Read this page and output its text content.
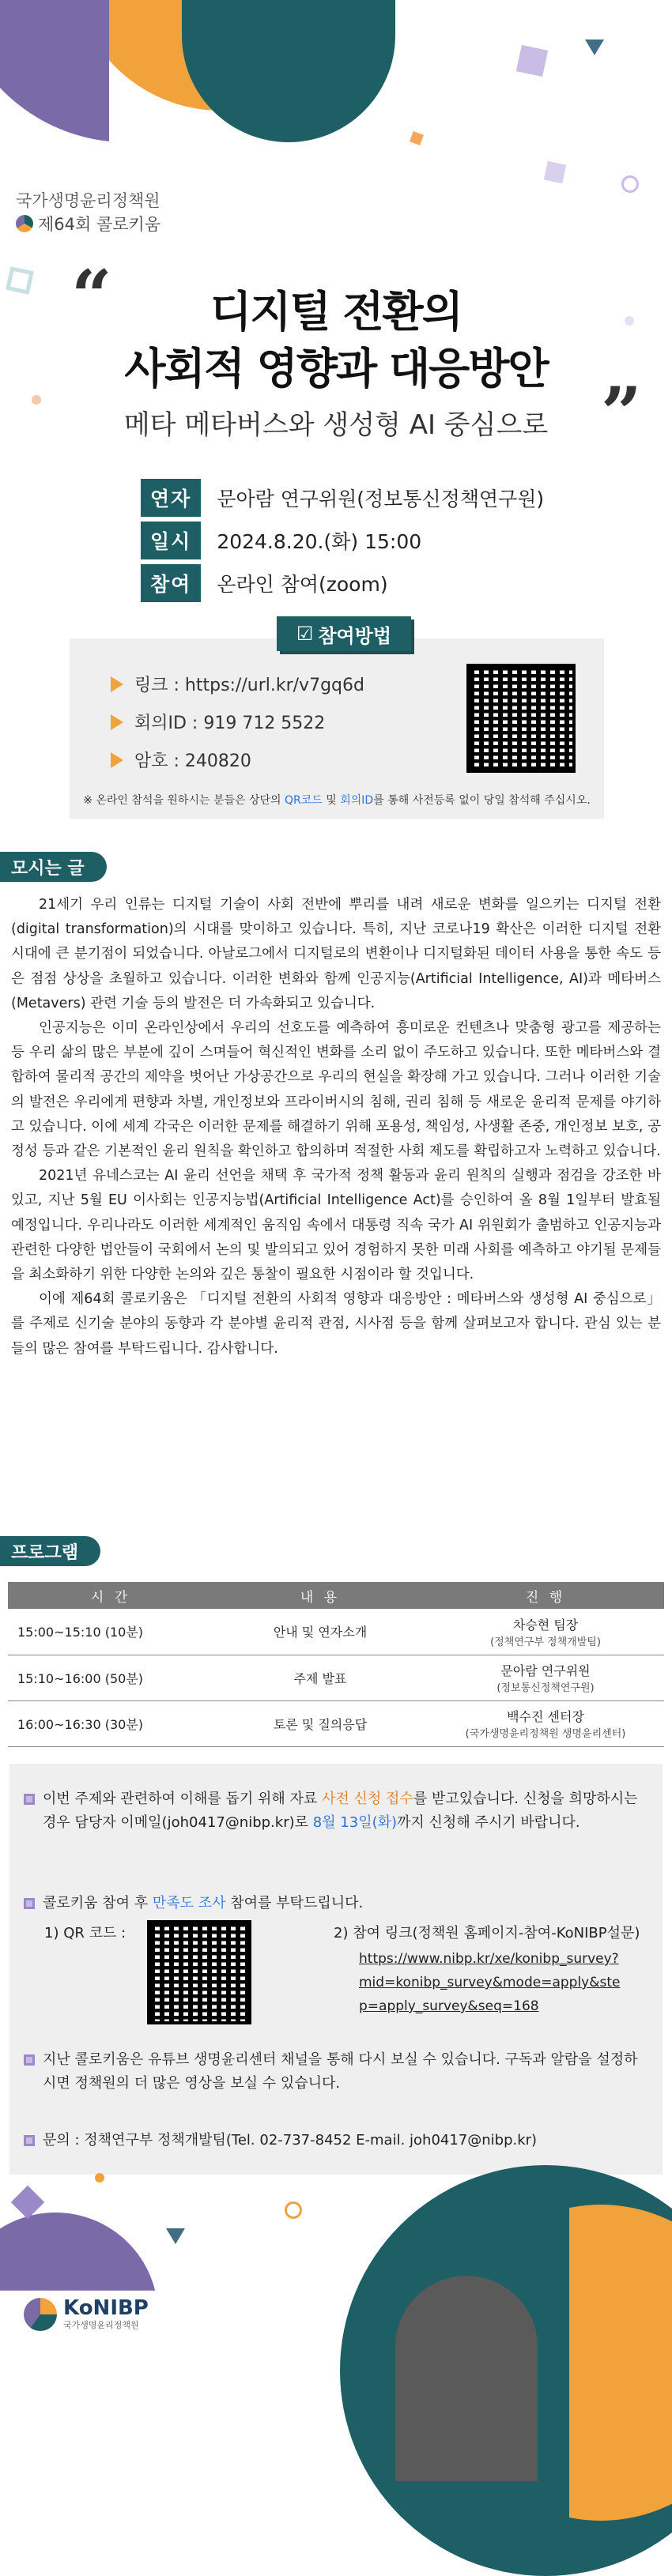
국가생명윤리정책원
제64회 콜로키움
“	디지털 전환의
사회적 영향과 대응방안
메타 메타버스와 생성형 AI 중심으로 ”
연자	문아람 연구위원(정보통신정책연구원)
일시	2024.8.20.(화) 15:00
참여	온라인 참여(zoom)
☑ 참여방법
링크 : https://url.kr/v7gq6d
회의ID : 919 712 5522
암호 : 240820
※ 온라인 참석을 원하시는 분들은 상단의 QR코드 및 회의ID를 통해 사전등록 없이 당일 참석해 주십시오.
모시는 글

21세기 우리 인류는 디지털 기술이 사회 전반에 뿌리를 내려 새로운 변화를 일으키는 디지털 전환(digital transformation)의 시대를 맞이하고 있습니다. 특히, 지난 코로나19 확산은 이러한 디지털 전환 시대에 큰 분기점이 되었습니다. 아날로그에서 디지털로의 변환이나 디지털화된 데이터 사용을 통한 속도 등은 점점 상상을 초월하고 있습니다. 이러한 변화와 함께 인공지능(Artificial Intelligence, AI)과 메타버스(Metavers) 관련 기술 등의 발전은 더 가속화되고 있습니다.

인공지능은 이미 온라인상에서 우리의 선호도를 예측하여 흥미로운 컨텐츠나 맞춤형 광고를 제공하는 등 우리 삶의 많은 부분에 깊이 스며들어 혁신적인 변화를 소리 없이 주도하고 있습니다. 또한 메타버스와 결합하여 물리적 공간의 제약을 벗어난 가상공간으로 우리의 현실을 확장해 가고 있습니다. 그러나 이러한 기술의 발전은 우리에게 편향과 차별, 개인정보와 프라이버시의 침해, 권리 침해 등 새로운 윤리적 문제를 야기하고 있습니다. 이에 세계 각국은 이러한 문제를 해결하기 위해 포용성, 책임성, 사생활 존중, 개인정보 보호, 공정성 등과 같은 기본적인 윤리 원칙을 확인하고 합의하며 적절한 사회 제도를 확립하고자 노력하고 있습니다.

2021년 유네스코는 AI 윤리 선언을 채택 후 국가적 정책 활동과 윤리 원칙의 실행과 점검을 강조한 바 있고, 지난 5월 EU 이사회는 인공지능법(Artificial Intelligence Act)를 승인하여 올 8월 1일부터 발효될 예정입니다. 우리나라도 이러한 세계적인 움직임 속에서 대통령 직속 국가 AI 위원회가 출범하고 인공지능과 관련한 다양한 법안들이 국회에서 논의 및 발의되고 있어 경험하지 못한 미래 사회를 예측하고 야기될 문제들을 최소화하기 위한 다양한 논의와 깊은 통찰이 필요한 시점이라 할 것입니다.

이에 제64회 콜로키움은 「디지털 전환의 사회적 영향과 대응방안 : 메타버스와 생성형 AI 중심으로」를 주제로 신기술 분야의 동향과 각 분야별 윤리적 관점, 시사점 등을 함께 살펴보고자 합니다. 관심 있는 분들의 많은 참여를 부탁드립니다. 감사합니다.

프로그램
시 간	내 용	진 행
15:00~15:10 (10분)	안내 및 연자소개	차승현 팀장
(정책연구부 정책개발팀)

15:10~16:00 (50분)	주제 발표	문아람 연구위원
(정보통신정책연구원)

16:00~16:30 (30분)	토론 및 질의응답	백수진 센터장
(국가생명윤리정책원 생명윤리센터)
이번 주제와 관련하여 이해를 돕기 위해 자료 사전 신청 접수를 받고있습니다. 신청을 희망하시는 경우 담당자 이메일(joh0417@nibp.kr)로 8월 13일(화)까지 신청해 주시기 바랍니다.
콜로키움 참여 후 만족도 조사 참여를 부탁드립니다.
1) QR 코드 :	2) 참여 링크(정책원 홈페이지-참여-KoNIBP설문)
https://www.nibp.kr/xe/konibp_survey?mid=konibp_survey&mode=apply&step=apply_survey&seq=168
지난 콜로키움은 유튜브 생명윤리센터 채널을 통해 다시 보실 수 있습니다. 구독과 알람을 설정하시면 정책원의 더 많은 영상을 보실 수 있습니다.
문의 : 정책연구부 정책개발팀(Tel. 02-737-8452 E-mail. joh0417@nibp.kr)
KoNIBP
국가생명윤리정책원
